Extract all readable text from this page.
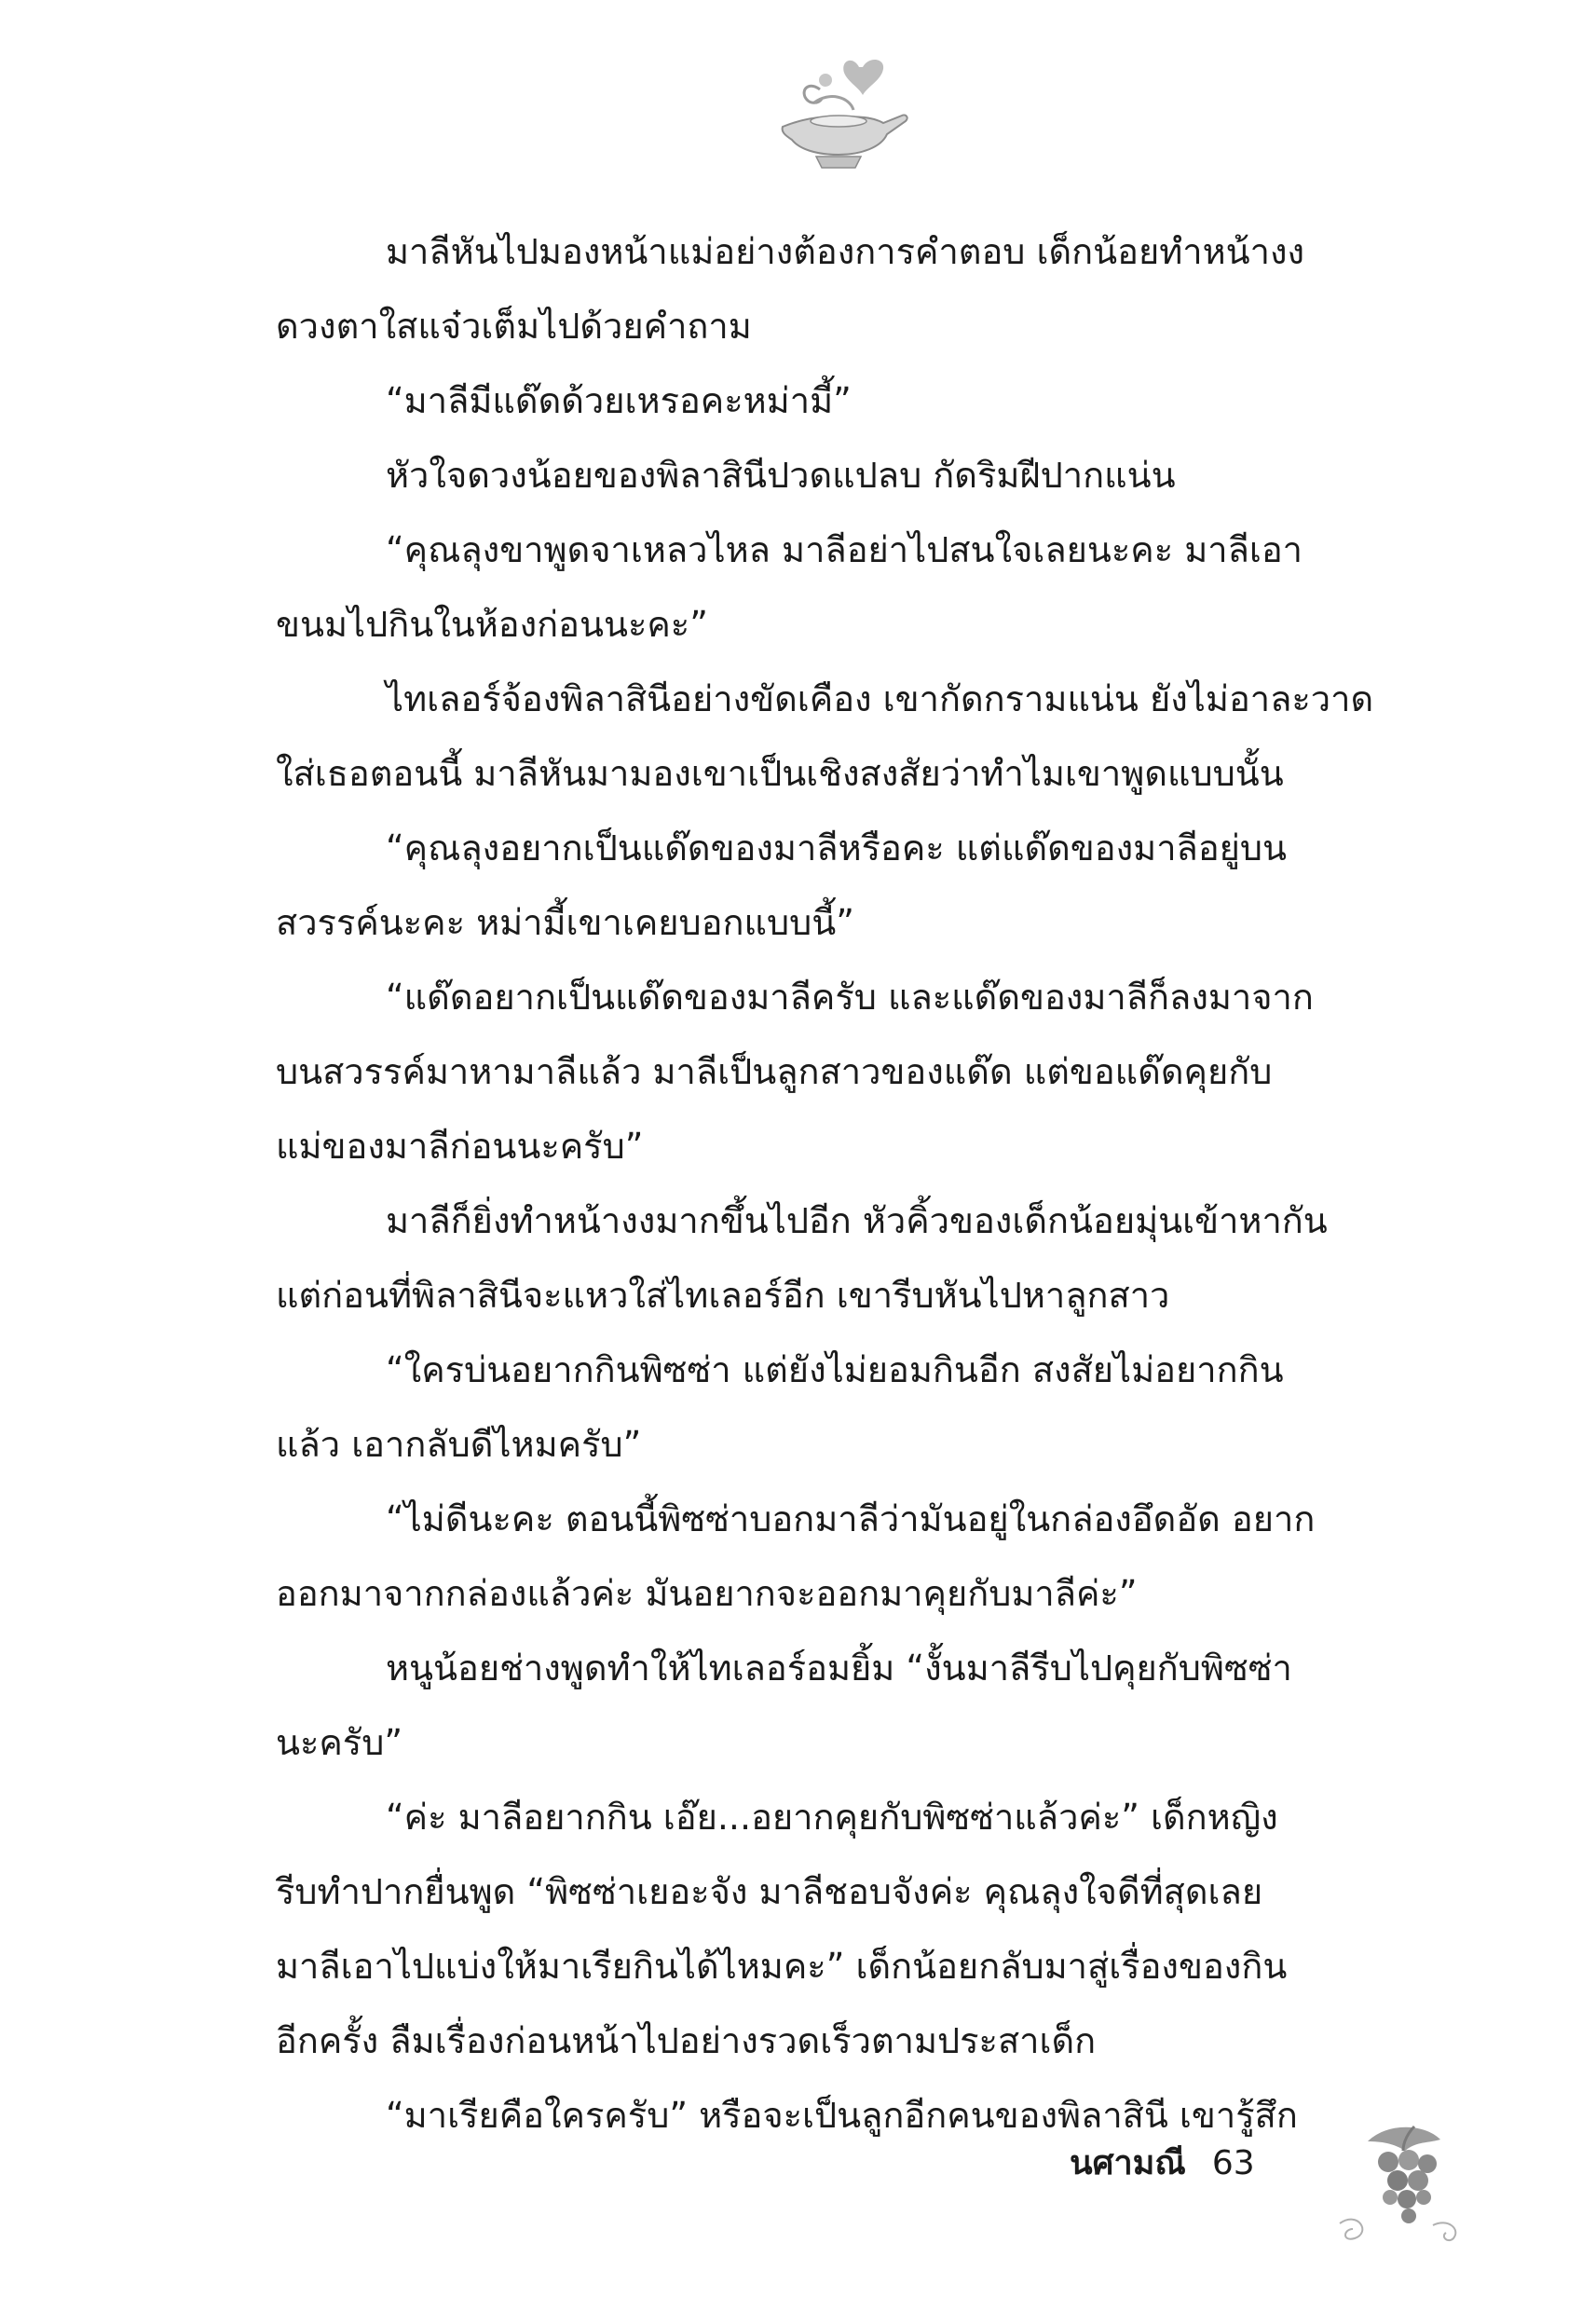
มาลีหันไปมองหน้าแม่อย่างต้องการคำตอบ เด็กน้อยทำหน้างง
ดวงตาใสแจ๋วเต็มไปด้วยคำถาม
“มาลีมีแด๊ดด้วยเหรอคะหม่ามี้”
หัวใจดวงน้อยของพิลาสินีปวดแปลบ กัดริมฝีปากแน่น
“คุณลุงขาพูดจาเหลวไหล มาลีอย่าไปสนใจเลยนะคะ มาลีเอา
ขนมไปกินในห้องก่อนนะคะ”
ไทเลอร์จ้องพิลาสินีอย่างขัดเคือง เขากัดกรามแน่น ยังไม่อาละวาด
ใส่เธอตอนนี้ มาลีหันมามองเขาเป็นเชิงสงสัยว่าทำไมเขาพูดแบบนั้น
“คุณลุงอยากเป็นแด๊ดของมาลีหรือคะ แต่แด๊ดของมาลีอยู่บน
สวรรค์นะคะ หม่ามี้เขาเคยบอกแบบนี้”
“แด๊ดอยากเป็นแด๊ดของมาลีครับ และแด๊ดของมาลีก็ลงมาจาก
บนสวรรค์มาหามาลีแล้ว มาลีเป็นลูกสาวของแด๊ด แต่ขอแด๊ดคุยกับ
แม่ของมาลีก่อนนะครับ”
มาลีก็ยิ่งทำหน้างงมากขึ้นไปอีก หัวคิ้วของเด็กน้อยมุ่นเข้าหากัน
แต่ก่อนที่พิลาสินีจะแหวใส่ไทเลอร์อีก เขารีบหันไปหาลูกสาว
“ใครบ่นอยากกินพิซซ่า แต่ยังไม่ยอมกินอีก สงสัยไม่อยากกิน
แล้ว เอากลับดีไหมครับ”
“ไม่ดีนะคะ ตอนนี้พิซซ่าบอกมาลีว่ามันอยู่ในกล่องอึดอัด อยาก
ออกมาจากกล่องแล้วค่ะ มันอยากจะออกมาคุยกับมาลีค่ะ”
หนูน้อยช่างพูดทำให้ไทเลอร์อมยิ้ม “งั้นมาลีรีบไปคุยกับพิซซ่า
นะครับ”
“ค่ะ มาลีอยากกิน เอ๊ย...อยากคุยกับพิซซ่าแล้วค่ะ” เด็กหญิง
รีบทำปากยื่นพูด “พิซซ่าเยอะจัง มาลีชอบจังค่ะ คุณลุงใจดีที่สุดเลย
มาลีเอาไปแบ่งให้มาเรียกินได้ไหมคะ” เด็กน้อยกลับมาสู่เรื่องของกิน
อีกครั้ง ลืมเรื่องก่อนหน้าไปอย่างรวดเร็วตามประสาเด็ก
“มาเรียคือใครครับ” หรือจะเป็นลูกอีกคนของพิลาสินี เขารู้สึก
นศามณี 63
